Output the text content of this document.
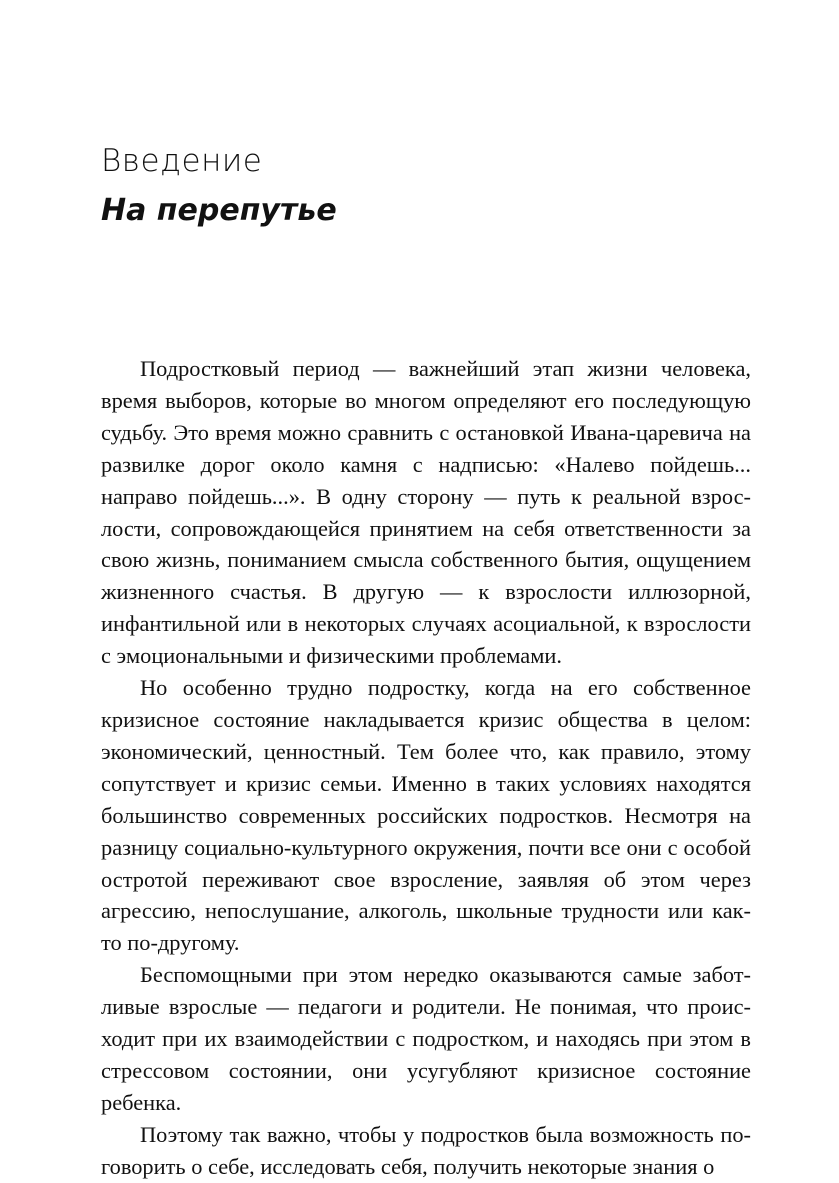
Введение
На перепутье

Подростковый период — важнейший этап жизни человека, время выборов, которые во многом определяют его последующую судьбу. Это время можно сравнить с остановкой Ивана-царевича на развилке дорог около камня с надписью: «Налево пойдешь... направо пойдешь...». В одну сторону — путь к реальной взрослости, сопровождающейся принятием на себя ответственности за свою жизнь, пониманием смысла собственного бытия, ощущением жизненного счастья. В другую — к взрослости иллюзорной, инфантильной или в некоторых случаях асоциальной, к взрослости с эмоциональными и физическими проблемами.

Но особенно трудно подростку, когда на его собственное кризисное состояние накладывается кризис общества в целом: экономический, ценностный. Тем более что, как правило, этому сопутствует и кризис семьи. Именно в таких условиях находятся большинство современных российских подростков. Несмотря на разницу социально-культурного окружения, почти все они с особой остротой переживают свое взросление, заявляя об этом через агрессию, непослушание, алкоголь, школьные трудности или как-то по-другому.

Беспомощными при этом нередко оказываются самые заботливые взрослые — педагоги и родители. Не понимая, что происходит при их взаимодействии с подростком, и находясь при этом в стрессовом состоянии, они усугубляют кризисное состояние ребенка.

Поэтому так важно, чтобы у подростков была возможность поговорить о себе, исследовать себя, получить некоторые знания о
